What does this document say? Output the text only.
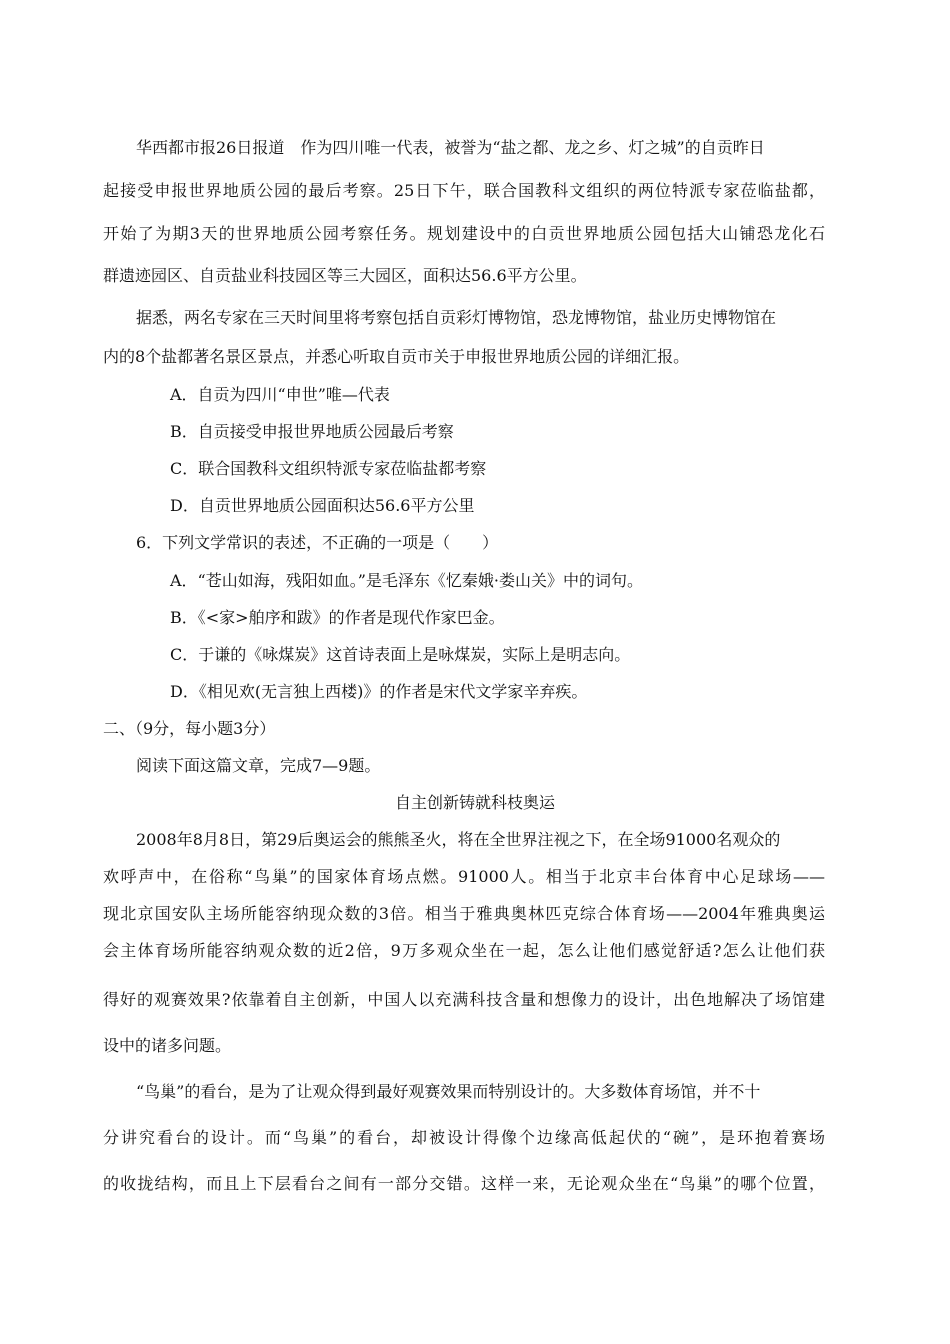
华西都市报26日报道　作为四川唯一代表，被誉为“盐之都、龙之乡、灯之城”的自贡昨日
起接受申报世界地质公园的最后考察。25日下午，联合国教科文组织的两位特派专家莅临盐都，
开始了为期3天的世界地质公园考察任务。规划建设中的白贡世界地质公园包括大山铺恐龙化石
群遗迹园区、自贡盐业科技园区等三大园区，面积达56.6平方公里。
据悉，两名专家在三天时间里将考察包括自贡彩灯博物馆，恐龙博物馆，盐业历史博物馆在
内的8个盐都著名景区景点，并悉心听取自贡市关于申报世界地质公园的详细汇报。
A．自贡为四川“申世”唯—代表
B．自贡接受申报世界地质公园最后考察
C．联合国教科文组织特派专家莅临盐都考察
D．自贡世界地质公园面积达56.6平方公里
6．下列文学常识的表述，不正确的一项是（　　）
A．“苍山如海，残阳如血。”是毛泽东《忆秦娥·娄山关》中的词句。
B．《<家>舶序和跋》的作者是现代作家巴金。
C．于谦的《咏煤炭》这首诗表面上是咏煤炭，实际上是明志向。
D．《相见欢(无言独上西楼)》的作者是宋代文学家辛弃疾。
二、（9分，每小题3分）
阅读下面这篇文章，完成7—9题。
自主创新铸就科枝奥运
2008年8月8日，第29后奥运会的熊熊圣火，将在全世界注视之下，在全场91000名观众的
欢呼声中，在俗称“鸟巢”的国家体育场点燃。91000人。相当于北京丰台体育中心足球场——
现北京国安队主场所能容纳现众数的3倍。相当于雅典奥林匹克综合体育场——2004年雅典奥运
会主体育场所能容纳观众数的近2倍，9万多观众坐在一起，怎么让他们感觉舒适?怎么让他们获
得好的观赛效果?依靠着自主创新，中国人以充满科技含量和想像力的设计，出色地解决了场馆建
设中的诸多问题。
“鸟巢”的看台，是为了让观众得到最好观赛效果而特别设计的。大多数体育场馆，并不十
分讲究看台的设计。而“鸟巢”的看台，却被设计得像个边缘高低起伏的“碗”，是环抱着赛场
的收拢结构，而且上下层看台之间有一部分交错。这样一来，无论观众坐在“鸟巢”的哪个位置，
